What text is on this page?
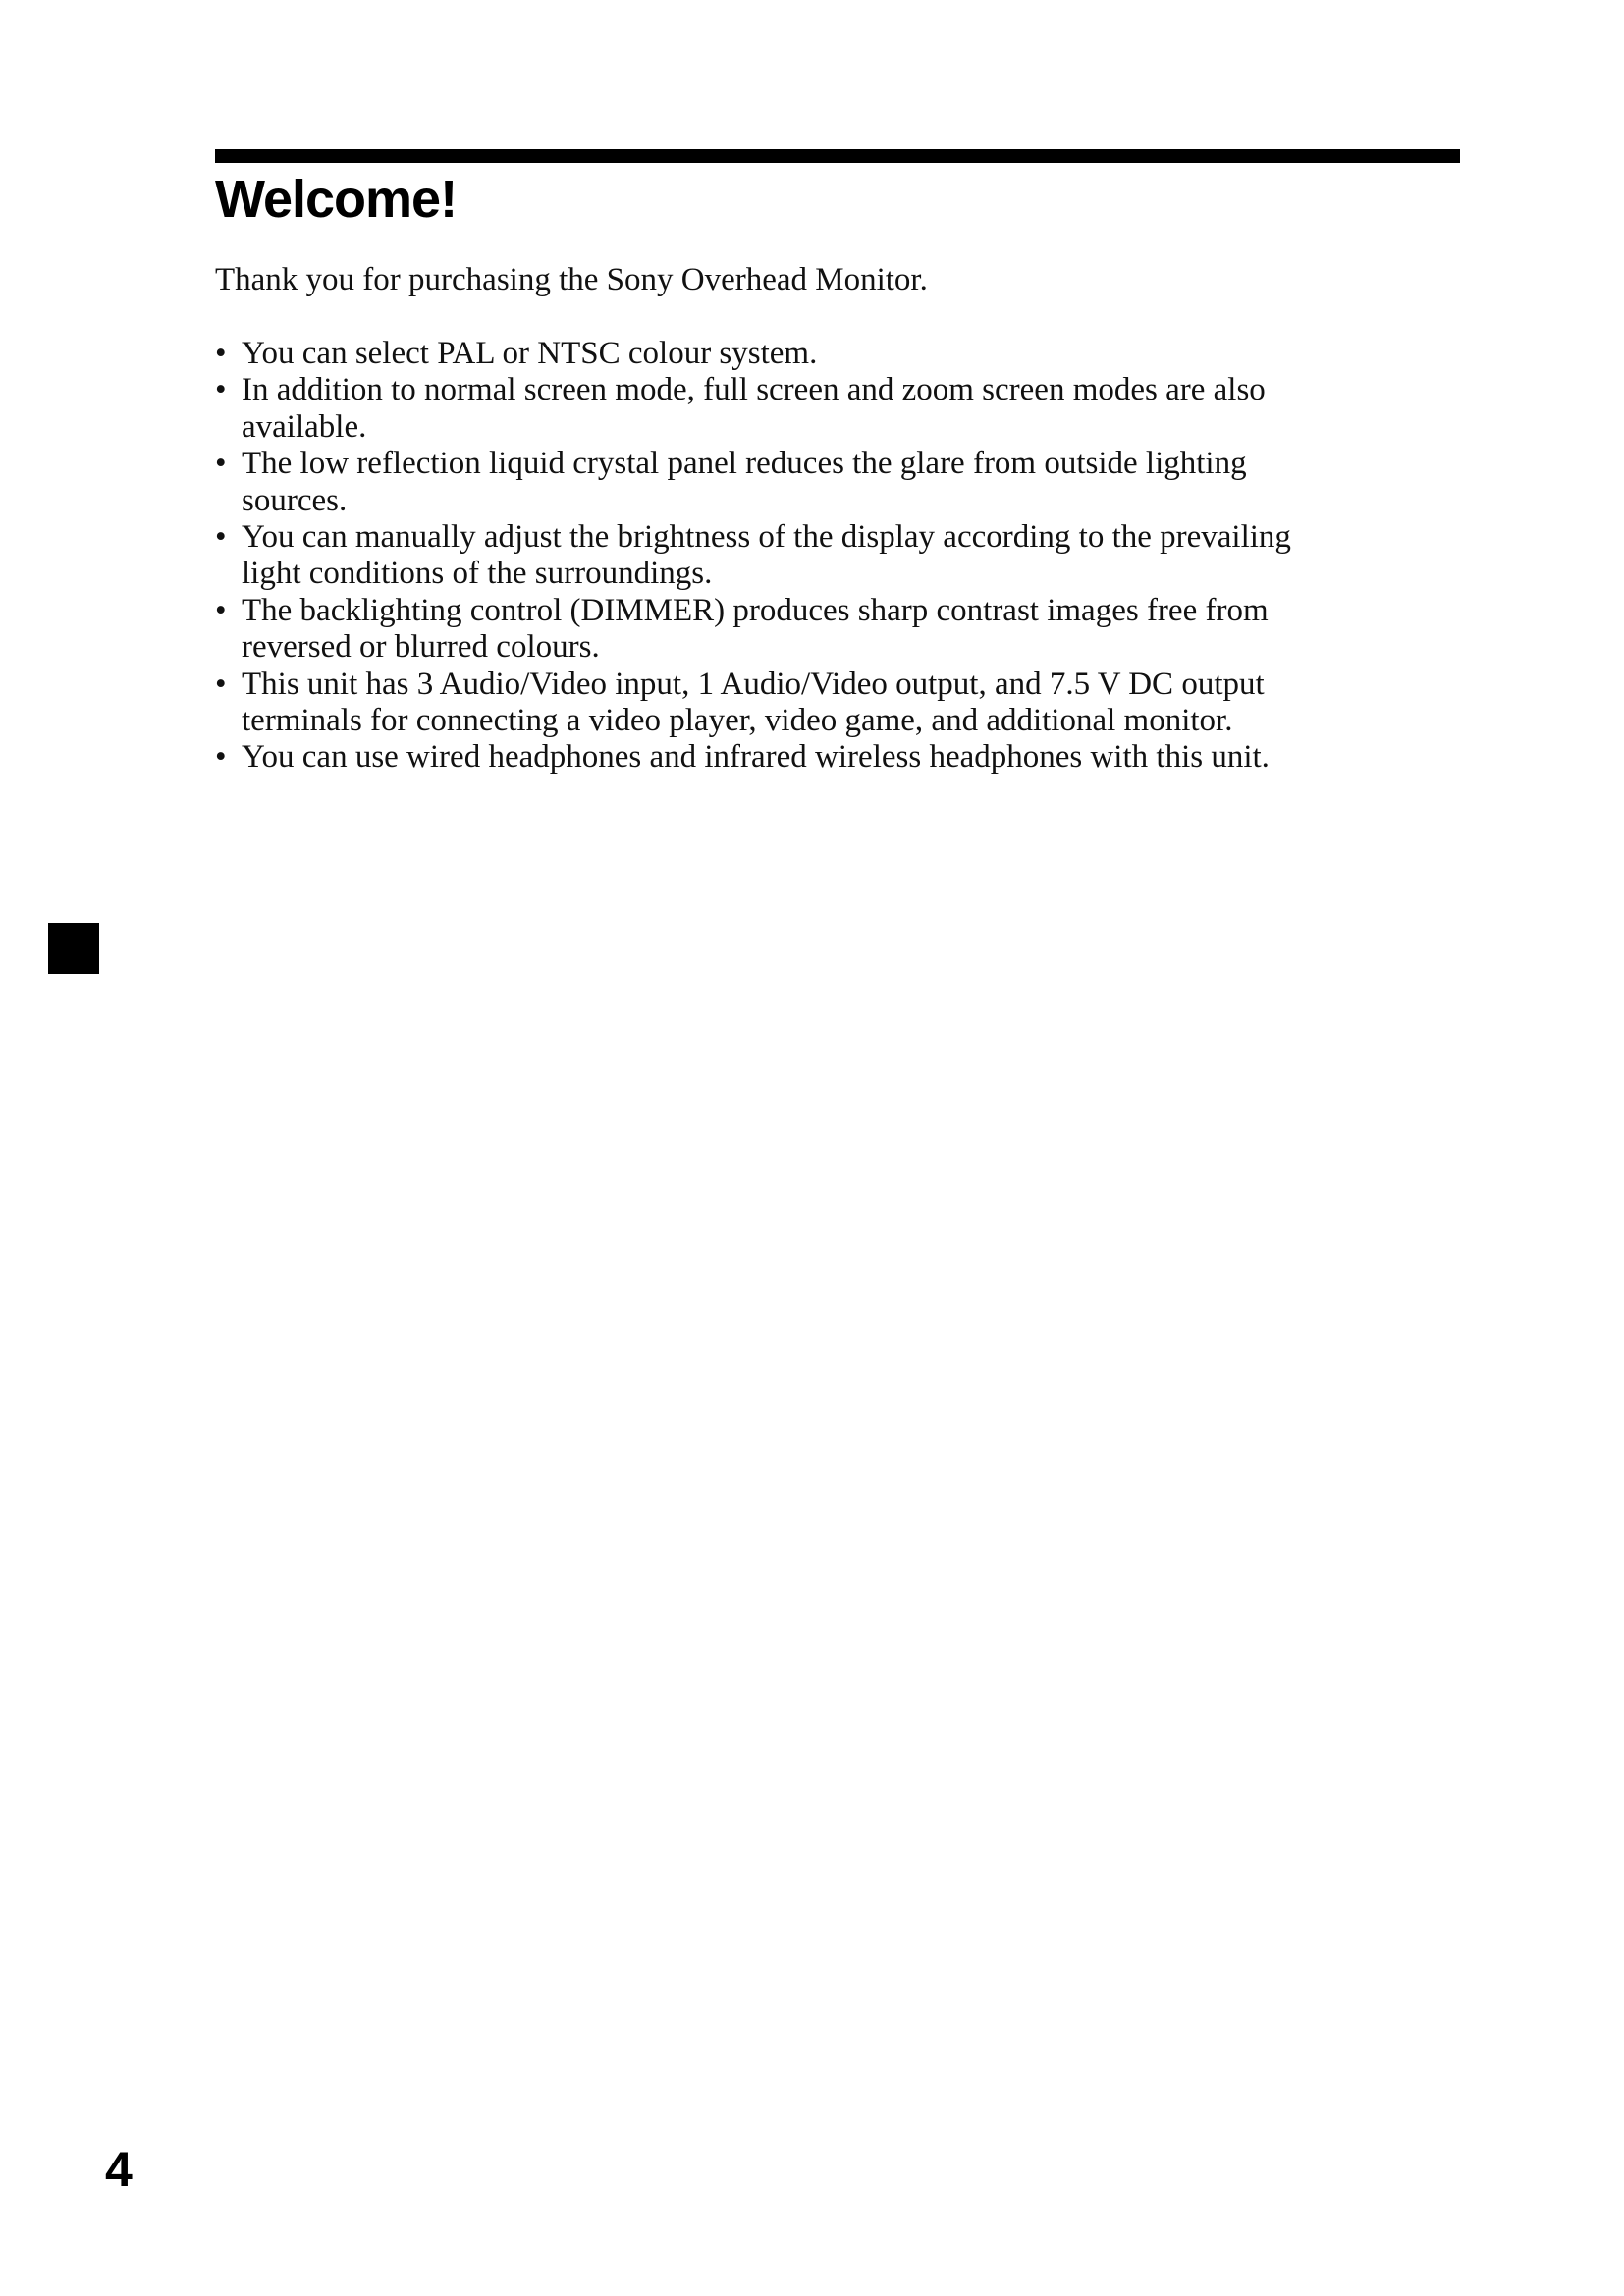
Welcome!

Thank you for purchasing the Sony Overhead Monitor.

• You can select PAL or NTSC colour system.
• In addition to normal screen mode, full screen and zoom screen modes are also
available.
• The low reflection liquid crystal panel reduces the glare from outside lighting
sources.
• You can manually adjust the brightness of the display according to the prevailing
light conditions of the surroundings.
• The backlighting control (DIMMER) produces sharp contrast images free from
reversed or blurred colours.
• This unit has 3 Audio/Video input, 1 Audio/Video output, and 7.5 V DC output
terminals for connecting a video player, video game, and additional monitor.
• You can use wired headphones and infrared wireless headphones with this unit.
4
